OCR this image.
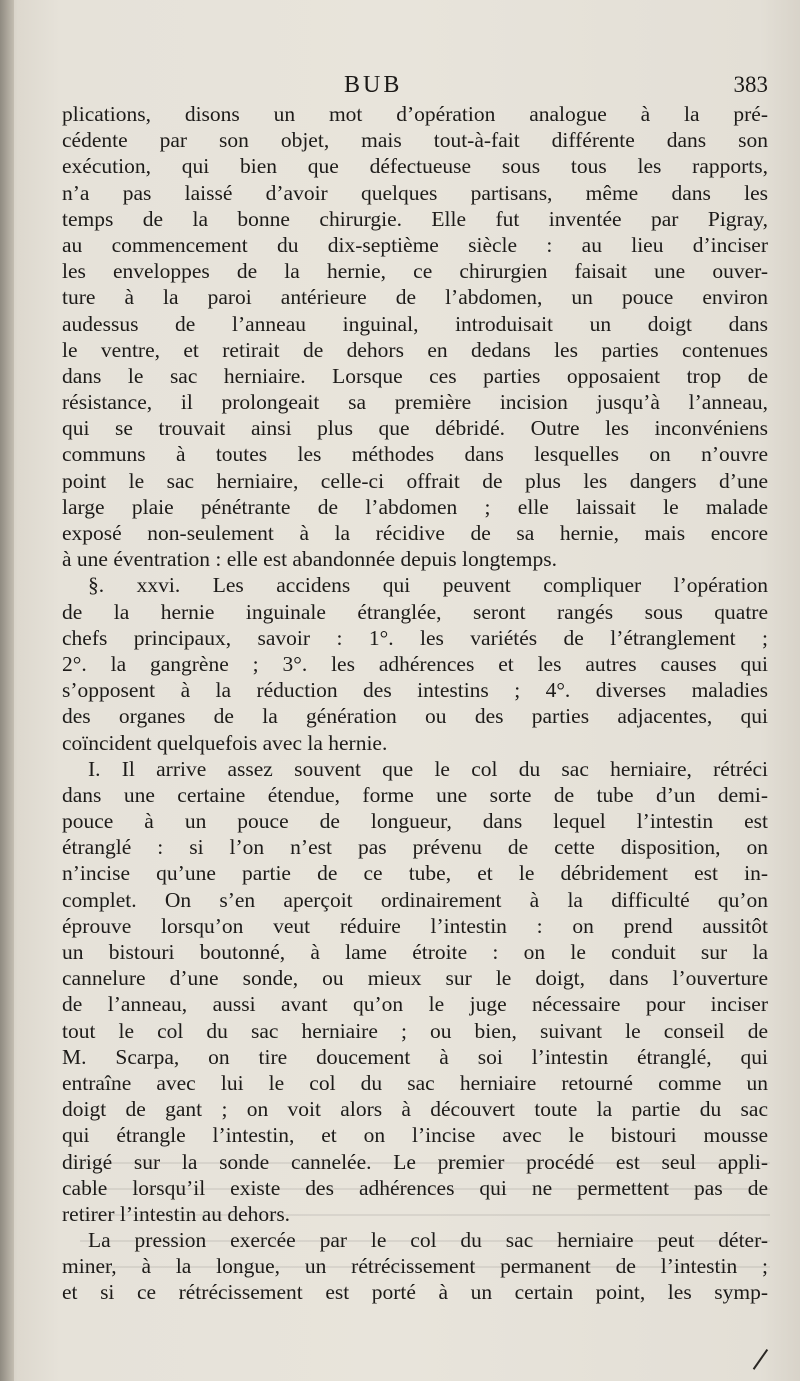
BUB	383
plications, disons un mot d’opération analogue à la pré-
cédente par son objet, mais tout-à-fait différente dans son
exécution, qui bien que défectueuse sous tous les rapports,
n’a pas laissé d’avoir quelques partisans, même dans les
temps de la bonne chirurgie. Elle fut inventée par Pigray,
au commencement du dix-septième siècle : au lieu d’inciser
les enveloppes de la hernie, ce chirurgien faisait une ouver-
ture à la paroi antérieure de l’abdomen, un pouce environ
audessus de l’anneau inguinal, introduisait un doigt dans
le ventre, et retirait de dehors en dedans les parties contenues
dans le sac herniaire. Lorsque ces parties opposaient trop de
résistance, il prolongeait sa première incision jusqu’à l’anneau,
qui se trouvait ainsi plus que débridé. Outre les inconvéniens
communs à toutes les méthodes dans lesquelles on n’ouvre
point le sac herniaire, celle-ci offrait de plus les dangers d’une
large plaie pénétrante de l’abdomen ; elle laissait le malade
exposé non-seulement à la récidive de sa hernie, mais encore
à une éventration : elle est abandonnée depuis longtemps.
§. xxvi. Les accidens qui peuvent compliquer l’opération
de la hernie inguinale étranglée, seront rangés sous quatre
chefs principaux, savoir : 1°. les variétés de l’étranglement ;
2°. la gangrène ; 3°. les adhérences et les autres causes qui
s’opposent à la réduction des intestins ; 4°. diverses maladies
des organes de la génération ou des parties adjacentes, qui
coïncident quelquefois avec la hernie.
I. Il arrive assez souvent que le col du sac herniaire, rétréci
dans une certaine étendue, forme une sorte de tube d’un demi-
pouce à un pouce de longueur, dans lequel l’intestin est
étranglé : si l’on n’est pas prévenu de cette disposition, on
n’incise qu’une partie de ce tube, et le débridement est in-
complet. On s’en aperçoit ordinairement à la difficulté qu’on
éprouve lorsqu’on veut réduire l’intestin : on prend aussitôt
un bistouri boutonné, à lame étroite : on le conduit sur la
cannelure d’une sonde, ou mieux sur le doigt, dans l’ouverture
de l’anneau, aussi avant qu’on le juge nécessaire pour inciser
tout le col du sac herniaire ; ou bien, suivant le conseil de
M. Scarpa, on tire doucement à soi l’intestin étranglé, qui
entraîne avec lui le col du sac herniaire retourné comme un
doigt de gant ; on voit alors à découvert toute la partie du sac
qui étrangle l’intestin, et on l’incise avec le bistouri mousse
dirigé sur la sonde cannelée. Le premier procédé est seul appli-
cable lorsqu’il existe des adhérences qui ne permettent pas de
retirer l’intestin au dehors.
La pression exercée par le col du sac herniaire peut déter-
miner, à la longue, un rétrécissement permanent de l’intestin ;
et si ce rétrécissement est porté à un certain point, les symp-
